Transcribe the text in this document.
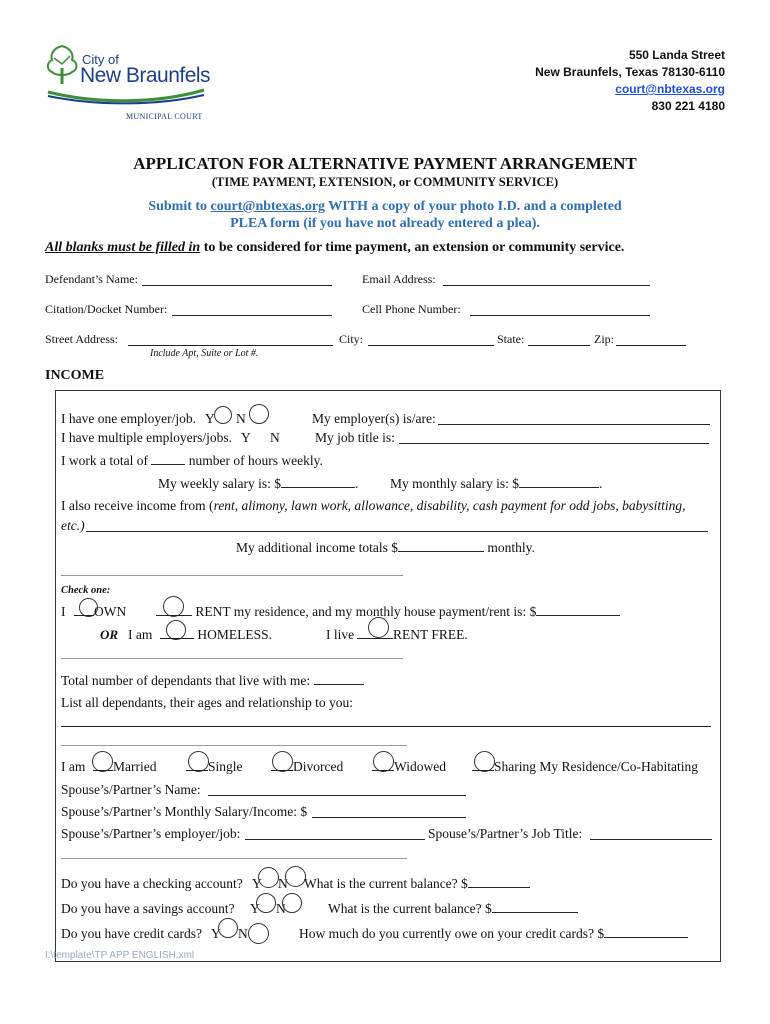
City of
New Braunfels
MUNICIPAL COURT
550 Landa Street
New Braunfels, Texas 78130-6110
court@nbtexas.org
830 221 4180
APPLICATON FOR ALTERNATIVE PAYMENT ARRANGEMENT
(TIME PAYMENT, EXTENSION, or COMMUNITY SERVICE)
Submit to court@nbtexas.org WITH a copy of your photo I.D. and a completed
PLEA form (if you have not already entered a plea).
All blanks must be filled in to be considered for time payment, an extension or community service.
Defendant’s Name:	Email Address:
Citation/Docket Number:	Cell Phone Number:
Street Address:	City:	State:	Zip:
Include Apt, Suite or Lot #.
INCOME
I have one employer/job. Y N	My employer(s) is/are:
I have multiple employers/jobs. Y N	My job title is:
I work a total of	number of hours weekly.
My weekly salary is: $	. My monthly salary is: $	.
I also receive income from (rent, alimony, lawn work, allowance, disability, cash payment for odd jobs, babysitting,
etc.)
My additional income totals $	monthly.
Check one:
I	OWN	RENT my residence, and my monthly house payment/rent is: $
OR I am	HOMELESS.	I live	RENT FREE.
Total number of dependants that live with me:
List all dependants, their ages and relationship to you:
I am	Married	Single	Divorced	Widowed	Sharing My Residence/Co-Habitating
Spouse’s/Partner’s Name:
Spouse’s/Partner’s Monthly Salary/Income: $
Spouse’s/Partner’s employer/job:	Spouse’s/Partner’s Job Title:
Do you have a checking account? Y N What is the current balance? $
Do you have a savings account? Y N	What is the current balance? $
Do you have credit cards? Y N	How much do you currently owe on your credit cards? $
I:\template\TP APP ENGLISH.xml
